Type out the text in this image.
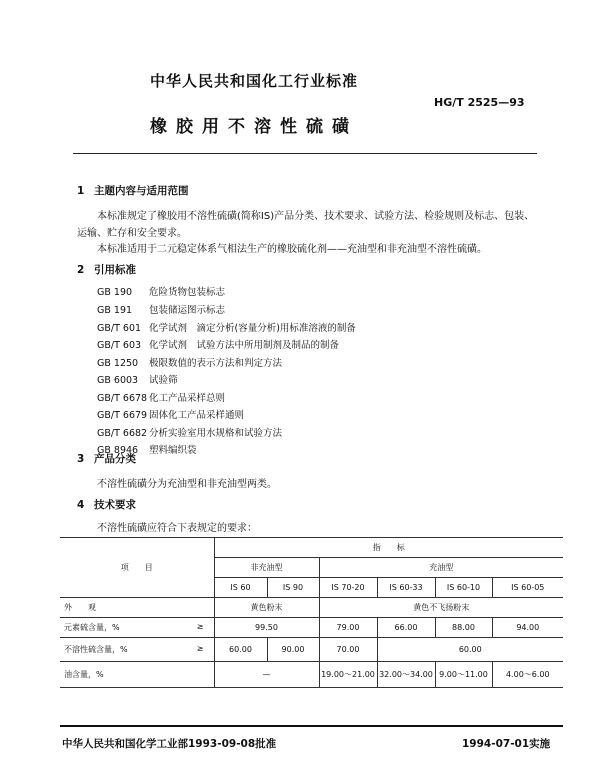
中华人民共和国化工行业标准
HG/T 2525—93
橡胶用不溶性硫磺
1 主题内容与适用范围
本标准规定了橡胶用不溶性硫磺(简称IS)产品分类、技术要求、试验方法、检验规则及标志、包装、
运输、贮存和安全要求。
本标准适用于二元稳定体系气相法生产的橡胶硫化剂——充油型和非充油型不溶性硫磺。
2 引用标准
GB 190 危险货物包装标志
GB 191 包装储运图示标志
GB/T 601 化学试剂　滴定分析(容量分析)用标准溶液的制备
GB/T 603 化学试剂　试验方法中所用制剂及制品的制备
GB 1250 极限数值的表示方法和判定方法
GB 6003 试验筛
GB/T 6678 化工产品采样总则
GB/T 6679 固体化工产品采样通则
GB/T 6682 分析实验室用水规格和试验方法
GB 8946 塑料编织袋
3 产品分类
不溶性硫磺分为充油型和非充油型两类。
4 技术要求
不溶性硫磺应符合下表规定的要求：
项　　目	指　　标					
	非充油型		充油型			
	IS 60	IS 90	IS 70-20	IS 60-33	IS 60-10	IS 60-05
外　　观	黄色粉末		黄色不飞扬粉末			
元素硫含量，% ≥	99.50		79.00	66.00	88.00	94.00
不溶性硫含量，% ≥	60.00	90.00	70.00	60.00		
油含量，%	—		19.00～21.00	32.00～34.00	9.00～11.00	4.00～6.00
中华人民共和国化学工业部1993-09-08批准	1994-07-01实施
